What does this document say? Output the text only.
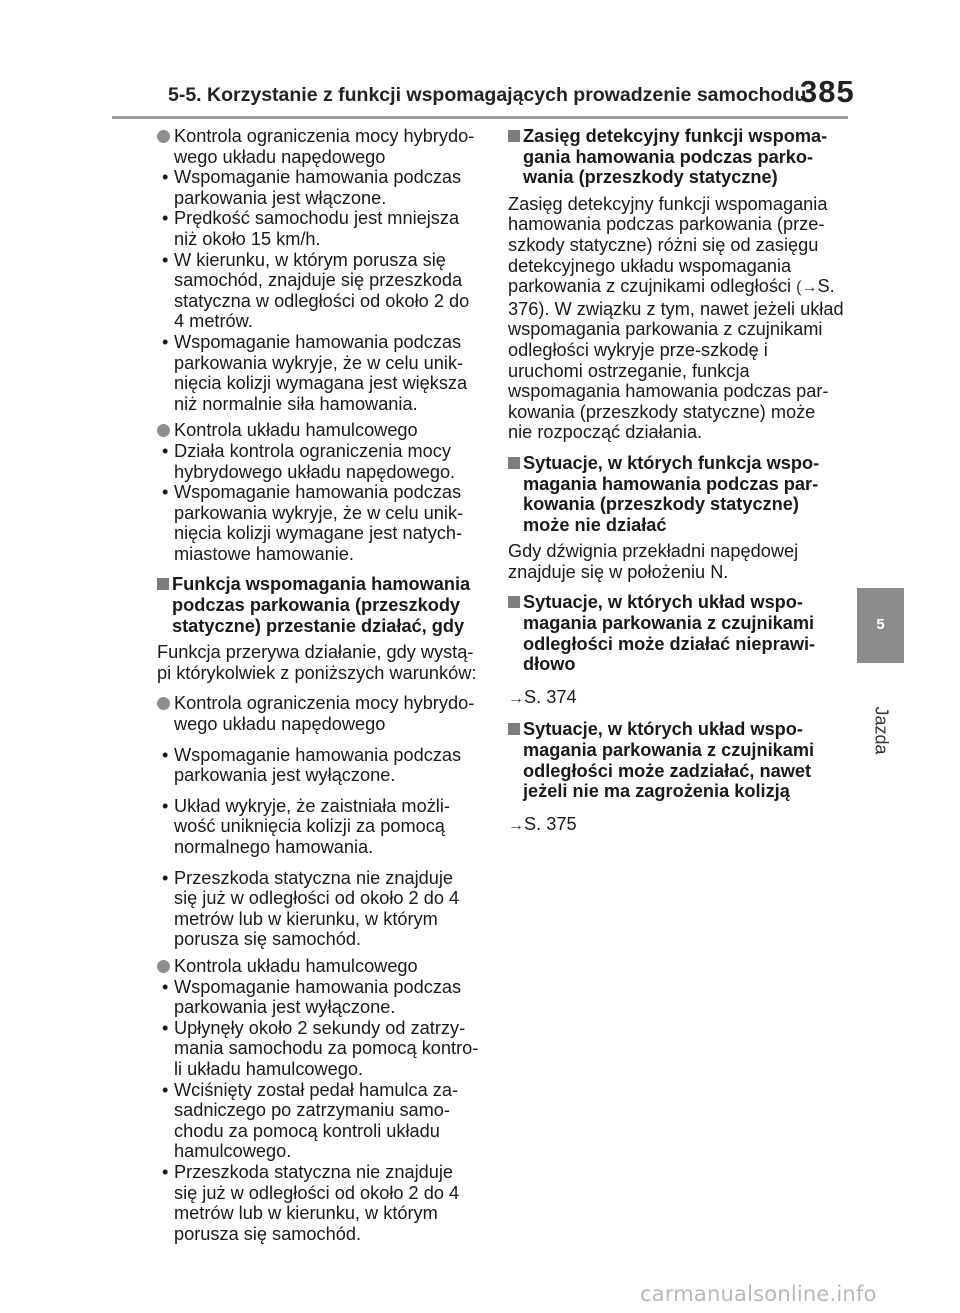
5-5. Korzystanie z funkcji wspomagających prowadzenie samochodu
385
5
Jazda
Kontrola ograniczenia mocy hybrydo-wego układu napędowego
• Wspomaganie hamowania podczas parkowania jest włączone.
• Prędkość samochodu jest mniejsza niż około 15 km/h.
• W kierunku, w którym porusza się samochód, znajduje się przeszkoda statyczna w odległości od około 2 do 4 metrów.
• Wspomaganie hamowania podczas parkowania wykryje, że w celu unik-nięcia kolizji wymagana jest większa niż normalnie siła hamowania.
Kontrola układu hamulcowego
• Działa kontrola ograniczenia mocy hybrydowego układu napędowego.
• Wspomaganie hamowania podczas parkowania wykryje, że w celu unik-nięcia kolizji wymagane jest natych-miastowe hamowanie.
Funkcja wspomagania hamowania podczas parkowania (przeszkody statyczne) przestanie działać, gdy
Funkcja przerywa działanie, gdy wystą-pi którykolwiek z poniższych warunków:
Kontrola ograniczenia mocy hybrydo-wego układu napędowego
• Wspomaganie hamowania podczas parkowania jest wyłączone.
• Układ wykryje, że zaistniała możli-wość uniknięcia kolizji za pomocą normalnego hamowania.
• Przeszkoda statyczna nie znajduje się już w odległości od około 2 do 4 metrów lub w kierunku, w którym porusza się samochód.
Kontrola układu hamulcowego
• Wspomaganie hamowania podczas parkowania jest wyłączone.
• Upłynęły około 2 sekundy od zatrzy-mania samochodu za pomocą kontro-li układu hamulcowego.
• Wciśnięty został pedał hamulca za-sadniczego po zatrzymaniu samo-chodu za pomocą kontroli układu hamulcowego.
• Przeszkoda statyczna nie znajduje się już w odległości od około 2 do 4 metrów lub w kierunku, w którym porusza się samochód.
Zasięg detekcyjny funkcji wspoma-gania hamowania podczas parko-wania (przeszkody statyczne)
Zasięg detekcyjny funkcji wspomagania hamowania podczas parkowania (prze-szkody statyczne) różni się od zasięgu detekcyjnego układu wspomagania parkowania z czujnikami odległości (→S. 376). W związku z tym, nawet jeżeli układ wspomagania parkowania z czujnikami odległości wykryje prze-szkodę i uruchomi ostrzeganie, funkcja wspomagania hamowania podczas par-kowania (przeszkody statyczne) może nie rozpocząć działania.
Sytuacje, w których funkcja wspo-magania hamowania podczas par-kowania (przeszkody statyczne) może nie działać
Gdy dźwignia przekładni napędowej znajduje się w położeniu N.
Sytuacje, w których układ wspo-magania parkowania z czujnikami odległości może działać nieprawi-dłowo
→S. 374
Sytuacje, w których układ wspo-magania parkowania z czujnikami odległości może zadziałać, nawet jeżeli nie ma zagrożenia kolizją
→S. 375
carmanualsonline.info
